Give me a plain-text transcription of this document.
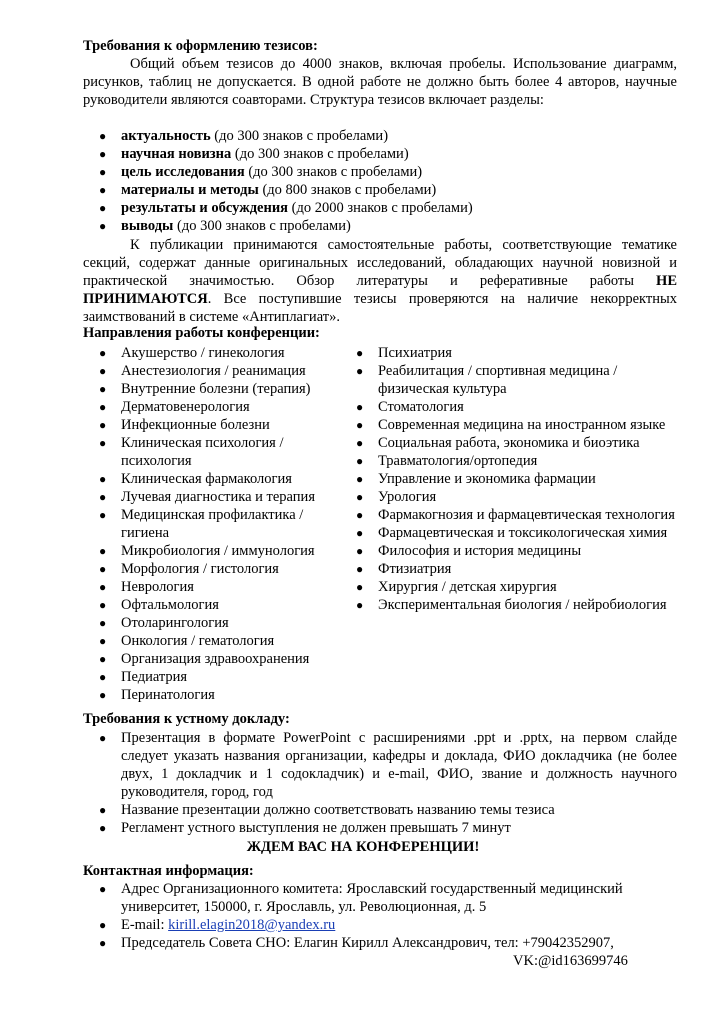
Требования к оформлению тезисов:
Общий объем тезисов до 4000 знаков, включая пробелы. Использование диаграмм, рисунков, таблиц не допускается. В одной работе не должно быть более 4 авторов, научные руководители являются соавторами. Структура тезисов включает разделы:
● актуальность (до 300 знаков с пробелами)
● научная новизна (до 300 знаков с пробелами)
● цель исследования (до 300 знаков с пробелами)
● материалы и методы (до 800 знаков с пробелами)
● результаты и обсуждения (до 2000 знаков с пробелами)
● выводы (до 300 знаков с пробелами)
К публикации принимаются самостоятельные работы, соответствующие тематике секций, содержат данные оригинальных исследований, обладающих научной новизной и практической значимостью. Обзор литературы и реферативные работы НЕ ПРИНИМАЮТСЯ. Все поступившие тезисы проверяются на наличие некорректных заимствований в системе «Антиплагиат».
Направления работы конференции:
● Акушерство / гинекология
● Анестезиология / реанимация
● Внутренние болезни (терапия)
● Дерматовенерология
● Инфекционные болезни
● Клиническая психология / психология
● Клиническая фармакология
● Лучевая диагностика и терапия
● Медицинская профилактика / гигиена
● Микробиология / иммунология
● Морфология / гистология
● Неврология
● Офтальмология
● Отоларингология
● Онкология / гематология
● Организация здравоохранения
● Педиатрия
● Перинатология
● Психиатрия
● Реабилитация / спортивная медицина / физическая культура
● Стоматология
● Современная медицина на иностранном языке
● Социальная работа, экономика и биоэтика
● Травматология/ортопедия
● Управление и экономика фармации
● Урология
● Фармакогнозия и фармацевтическая технология
● Фармацевтическая и токсикологическая химия
● Философия и история медицины
● Фтизиатрия
● Хирургия / детская хирургия
● Экспериментальная биология / нейробиология
Требования к устному докладу:
● Презентация в формате PowerPoint с расширениями .ppt и .pptx, на первом слайде следует указать названия организации, кафедры и доклада, ФИО докладчика (не более двух, 1 докладчик и 1 содокладчик) и e-mail, ФИО, звание и должность научного руководителя, город, год
● Название презентации должно соответствовать названию темы тезиса
● Регламент устного выступления не должен превышать 7 минут
ЖДЕМ ВАС НА КОНФЕРЕНЦИИ!
Контактная информация:
● Адрес Организационного комитета: Ярославский государственный медицинский университет, 150000, г. Ярославль, ул. Революционная, д. 5
● E-mail: kirill.elagin2018@yandex.ru
● Председатель Совета СНО: Елагин Кирилл Александрович, тел: +79042352907,
VK:@id163699746
